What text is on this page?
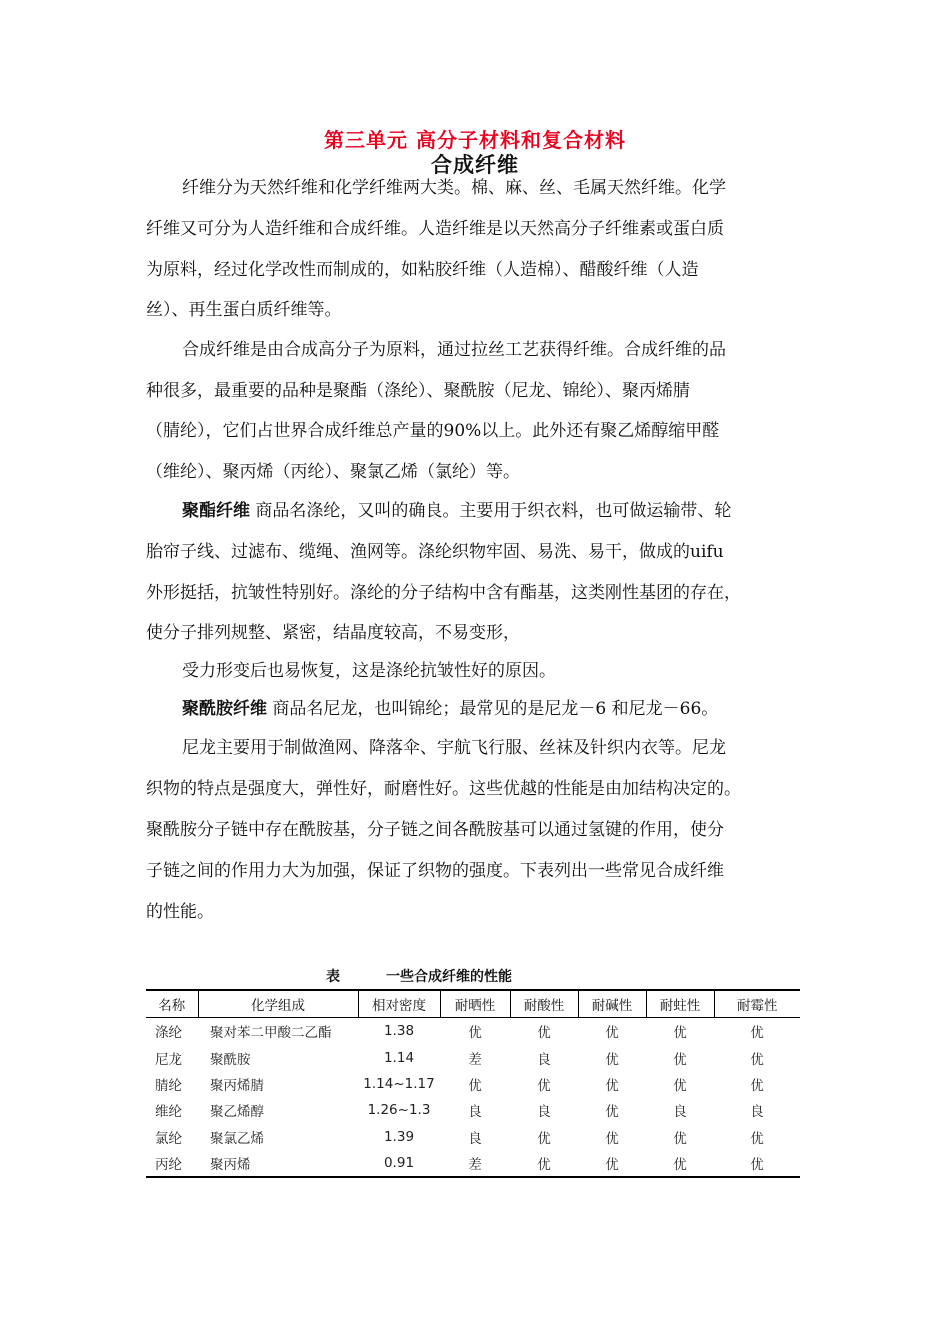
第三单元 高分子材料和复合材料
合成纤维
纤维分为天然纤维和化学纤维两大类。棉、麻、丝、毛属天然纤维。化学
纤维又可分为人造纤维和合成纤维。人造纤维是以天然高分子纤维素或蛋白质
为原料，经过化学改性而制成的，如粘胶纤维（人造棉）、醋酸纤维（人造
丝）、再生蛋白质纤维等。
合成纤维是由合成高分子为原料，通过拉丝工艺获得纤维。合成纤维的品
种很多，最重要的品种是聚酯（涤纶）、聚酰胺（尼龙、锦纶）、聚丙烯腈
（腈纶），它们占世界合成纤维总产量的90%以上。此外还有聚乙烯醇缩甲醛
（维纶）、聚丙烯（丙纶）、聚氯乙烯（氯纶）等。
聚酯纤维 商品名涤纶，又叫的确良。主要用于织衣料，也可做运输带、轮
胎帘子线、过滤布、缆绳、渔网等。涤纶织物牢固、易洗、易干，做成的uifu
外形挺括，抗皱性特别好。涤纶的分子结构中含有酯基，这类刚性基团的存在，
使分子排列规整、紧密，结晶度较高，不易变形，
受力形变后也易恢复，这是涤纶抗皱性好的原因。
聚酰胺纤维 商品名尼龙，也叫锦纶；最常见的是尼龙－6 和尼龙－66。
尼龙主要用于制做渔网、降落伞、宇航飞行服、丝袜及针织内衣等。尼龙
织物的特点是强度大，弹性好，耐磨性好。这些优越的性能是由加结构决定的。
聚酰胺分子链中存在酰胺基，分子链之间各酰胺基可以通过氢键的作用，使分
子链之间的作用力大为加强，保证了织物的强度。下表列出一些常见合成纤维
的性能。
表	一些合成纤维的性能
名称	化学组成	相对密度	耐晒性	耐酸性	耐碱性	耐蛀性	耐霉性
涤纶	聚对苯二甲酸二乙酯	1.38	优	优	优	优	优
尼龙	聚酰胺	1.14	差	良	优	优	优
腈纶	聚丙烯腈	1.14~1.17	优	优	优	优	优
维纶	聚乙烯醇	1.26~1.3	良	良	优	良	良
氯纶	聚氯乙烯	1.39	良	优	优	优	优
丙纶	聚丙烯	0.91	差	优	优	优	优
